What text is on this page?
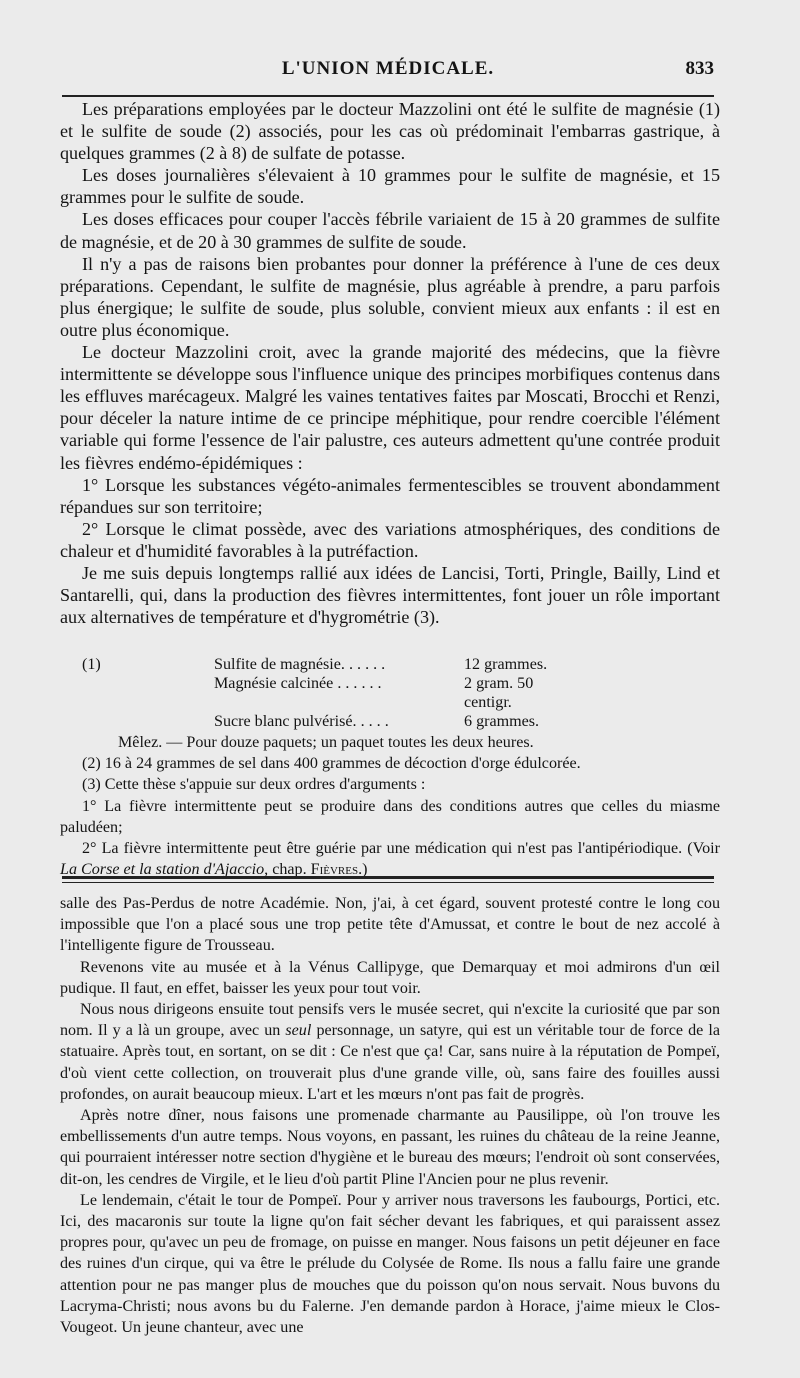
L'UNION MÉDICALE.	833

Les préparations employées par le docteur Mazzolini ont été le sulfite de magnésie (1) et le sulfite de soude (2) associés, pour les cas où prédominait l'embarras gastrique, à quelques grammes (2 à 8) de sulfate de potasse.

Les doses journalières s'élevaient à 10 grammes pour le sulfite de magnésie, et 15 grammes pour le sulfite de soude.

Les doses efficaces pour couper l'accès fébrile variaient de 15 à 20 grammes de sulfite de magnésie, et de 20 à 30 grammes de sulfite de soude.

Il n'y a pas de raisons bien probantes pour donner la préférence à l'une de ces deux préparations. Cependant, le sulfite de magnésie, plus agréable à prendre, a paru parfois plus énergique; le sulfite de soude, plus soluble, convient mieux aux enfants : il est en outre plus économique.

Le docteur Mazzolini croit, avec la grande majorité des médecins, que la fièvre intermittente se développe sous l'influence unique des principes morbifiques contenus dans les effluves marécageux. Malgré les vaines tentatives faites par Moscati, Brocchi et Renzi, pour déceler la nature intime de ce principe méphitique, pour rendre coercible l'élément variable qui forme l'essence de l'air palustre, ces auteurs admettent qu'une contrée produit les fièvres endémo-épidémiques :

1° Lorsque les substances végéto-animales fermentescibles se trouvent abondamment répandues sur son territoire;

2° Lorsque le climat possède, avec des variations atmosphériques, des conditions de chaleur et d'humidité favorables à la putréfaction.

Je me suis depuis longtemps rallié aux idées de Lancisi, Torti, Pringle, Bailly, Lind et Santarelli, qui, dans la production des fièvres intermittentes, font jouer un rôle important aux alternatives de température et d'hygrométrie (3).

(1)	Sulfite de magnésie. . . . . .	12 grammes.
Magnésie calcinée . . . . . .	2 gram. 50 centigr.
Sucre blanc pulvérisé. . . . .	6 grammes.

Mêlez. — Pour douze paquets; un paquet toutes les deux heures.

(2) 16 à 24 grammes de sel dans 400 grammes de décoction d'orge édulcorée.

(3) Cette thèse s'appuie sur deux ordres d'arguments :

1° La fièvre intermittente peut se produire dans des conditions autres que celles du miasme paludéen;

2° La fièvre intermittente peut être guérie par une médication qui n'est pas l'antipériodique. (Voir La Corse et la station d'Ajaccio, chap. Fièvres.)

salle des Pas-Perdus de notre Académie. Non, j'ai, à cet égard, souvent protesté contre le long cou impossible que l'on a placé sous une trop petite tête d'Amussat, et contre le bout de nez accolé à l'intelligente figure de Trousseau.

Revenons vite au musée et à la Vénus Callipyge, que Demarquay et moi admirons d'un œil pudique. Il faut, en effet, baisser les yeux pour tout voir.

Nous nous dirigeons ensuite tout pensifs vers le musée secret, qui n'excite la curiosité que par son nom. Il y a là un groupe, avec un seul personnage, un satyre, qui est un véritable tour de force de la statuaire. Après tout, en sortant, on se dit : Ce n'est que ça! Car, sans nuire à la réputation de Pompeï, d'où vient cette collection, on trouverait plus d'une grande ville, où, sans faire des fouilles aussi profondes, on aurait beaucoup mieux. L'art et les mœurs n'ont pas fait de progrès.

Après notre dîner, nous faisons une promenade charmante au Pausilippe, où l'on trouve les embellissements d'un autre temps. Nous voyons, en passant, les ruines du château de la reine Jeanne, qui pourraient intéresser notre section d'hygiène et le bureau des mœurs; l'endroit où sont conservées, dit-on, les cendres de Virgile, et le lieu d'où partit Pline l'Ancien pour ne plus revenir.

Le lendemain, c'était le tour de Pompeï. Pour y arriver nous traversons les faubourgs, Portici, etc. Ici, des macaronis sur toute la ligne qu'on fait sécher devant les fabriques, et qui paraissent assez propres pour, qu'avec un peu de fromage, on puisse en manger. Nous faisons un petit déjeuner en face des ruines d'un cirque, qui va être le prélude du Colysée de Rome. Ils nous a fallu faire une grande attention pour ne pas manger plus de mouches que du poisson qu'on nous servait. Nous buvons du Lacryma-Christi; nous avons bu du Falerne. J'en demande pardon à Horace, j'aime mieux le Clos-Vougeot. Un jeune chanteur, avec une
